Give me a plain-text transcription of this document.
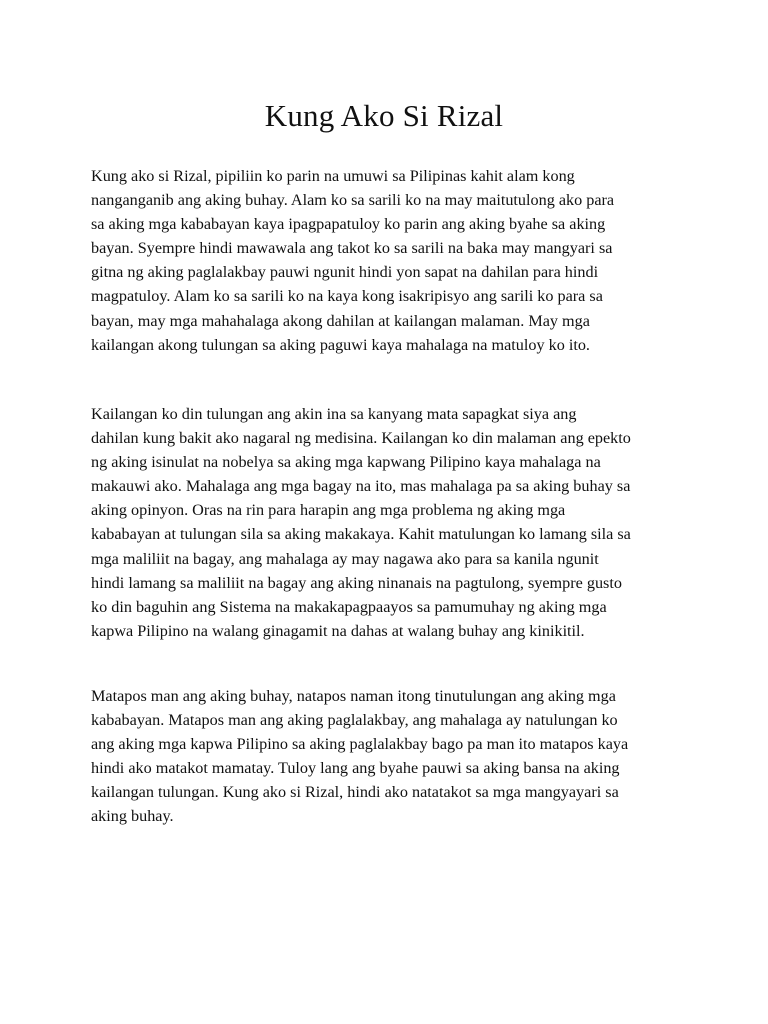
Kung Ako Si Rizal

Kung ako si Rizal, pipiliin ko parin na umuwi sa Pilipinas kahit alam kong
nanganganib ang aking buhay. Alam ko sa sarili ko na may maitutulong ako para
sa aking mga kababayan kaya ipagpapatuloy ko parin ang aking byahe sa aking
bayan. Syempre hindi mawawala ang takot ko sa sarili na baka may mangyari sa
gitna ng aking paglalakbay pauwi ngunit hindi yon sapat na dahilan para hindi
magpatuloy. Alam ko sa sarili ko na kaya kong isakripisyo ang sarili ko para sa
bayan, may mga mahahalaga akong dahilan at kailangan malaman. May mga
kailangan akong tulungan sa aking paguwi kaya mahalaga na matuloy ko ito.

Kailangan ko din tulungan ang akin ina sa kanyang mata sapagkat siya ang
dahilan kung bakit ako nagaral ng medisina. Kailangan ko din malaman ang epekto
ng aking isinulat na nobelya sa aking mga kapwang Pilipino kaya mahalaga na
makauwi ako. Mahalaga ang mga bagay na ito, mas mahalaga pa sa aking buhay sa
aking opinyon. Oras na rin para harapin ang mga problema ng aking mga
kababayan at tulungan sila sa aking makakaya. Kahit matulungan ko lamang sila sa
mga maliliit na bagay, ang mahalaga ay may nagawa ako para sa kanila ngunit
hindi lamang sa maliliit na bagay ang aking ninanais na pagtulong, syempre gusto
ko din baguhin ang Sistema na makakapagpaayos sa pamumuhay ng aking mga
kapwa Pilipino na walang ginagamit na dahas at walang buhay ang kinikitil.

Matapos man ang aking buhay, natapos naman itong tinutulungan ang aking mga
kababayan. Matapos man ang aking paglalakbay, ang mahalaga ay natulungan ko
ang aking mga kapwa Pilipino sa aking paglalakbay bago pa man ito matapos kaya
hindi ako matakot mamatay. Tuloy lang ang byahe pauwi sa aking bansa na aking
kailangan tulungan. Kung ako si Rizal, hindi ako natatakot sa mga mangyayari sa
aking buhay.
